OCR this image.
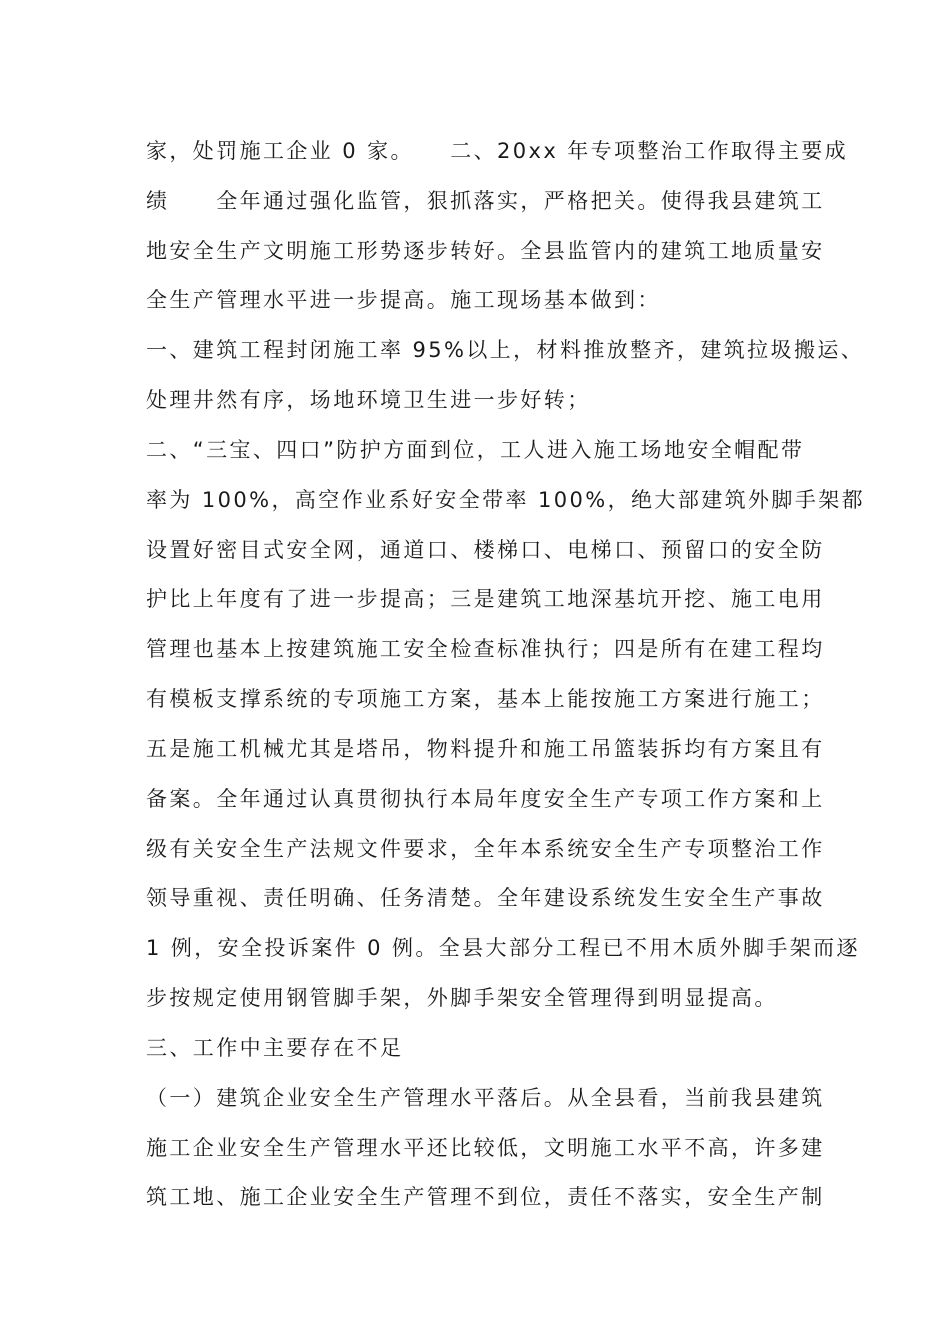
家，处罚施工企业 0 家。　　二、20xx 年专项整治工作取得主要成
绩　　全年通过强化监管，狠抓落实，严格把关。使得我县建筑工
地安全生产文明施工形势逐步转好。全县监管内的建筑工地质量安
全生产管理水平进一步提高。施工现场基本做到：
一、建筑工程封闭施工率 95%以上，材料推放整齐，建筑拉圾搬运、
处理井然有序，场地环境卫生进一步好转；
二、“三宝、四口”防护方面到位，工人进入施工场地安全帽配带
率为 100%，高空作业系好安全带率 100%，绝大部建筑外脚手架都
设置好密目式安全网，通道口、楼梯口、电梯口、预留口的安全防
护比上年度有了进一步提高；三是建筑工地深基坑开挖、施工电用
管理也基本上按建筑施工安全检查标准执行；四是所有在建工程均
有模板支撑系统的专项施工方案，基本上能按施工方案进行施工；
五是施工机械尤其是塔吊，物料提升和施工吊篮装拆均有方案且有
备案。全年通过认真贯彻执行本局年度安全生产专项工作方案和上
级有关安全生产法规文件要求，全年本系统安全生产专项整治工作
领导重视、责任明确、任务清楚。全年建设系统发生安全生产事故
1 例，安全投诉案件 0 例。全县大部分工程已不用木质外脚手架而逐
步按规定使用钢管脚手架，外脚手架安全管理得到明显提高。
三、工作中主要存在不足
（一）建筑企业安全生产管理水平落后。从全县看，当前我县建筑
施工企业安全生产管理水平还比较低，文明施工水平不高，许多建
筑工地、施工企业安全生产管理不到位，责任不落实，安全生产制
